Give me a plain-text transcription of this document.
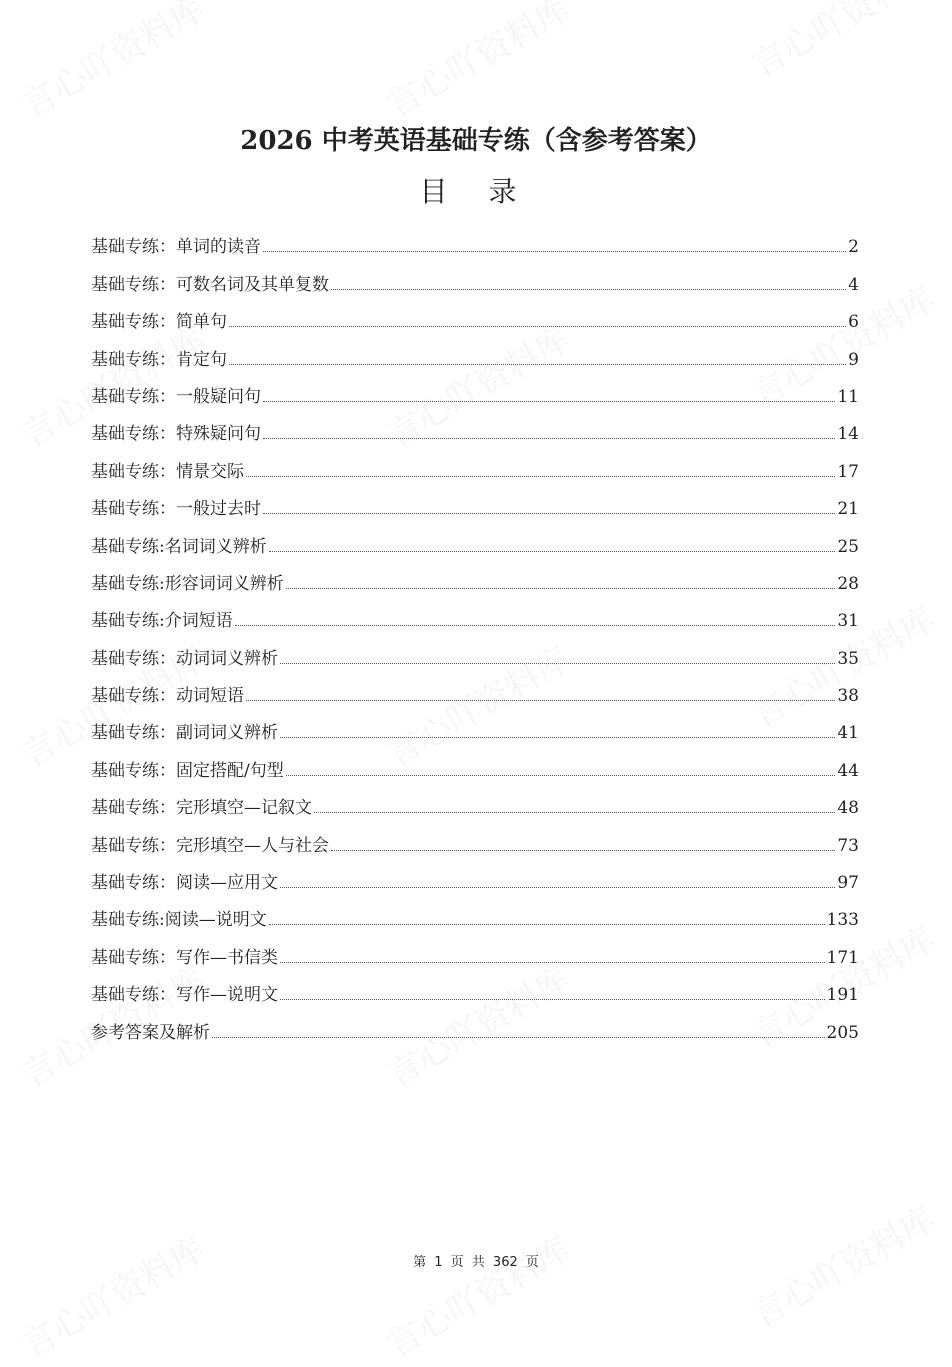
2026 中考英语基础专练（含参考答案）
目 录
基础专练：单词的读音	2
基础专练：可数名词及其单复数	4
基础专练：简单句	6
基础专练：肯定句	9
基础专练：一般疑问句	11
基础专练：特殊疑问句	14
基础专练：情景交际	17
基础专练：一般过去时	21
基础专练:名词词义辨析	25
基础专练:形容词词义辨析	28
基础专练:介词短语	31
基础专练：动词词义辨析	35
基础专练：动词短语	38
基础专练：副词词义辨析	41
基础专练：固定搭配/句型	44
基础专练：完形填空—记叙文	48
基础专练：完形填空—人与社会	73
基础专练：阅读—应用文	97
基础专练:阅读—说明文	133
基础专练：写作—书信类	171
基础专练：写作—说明文	191
参考答案及解析	205
第 1 页 共 362 页
